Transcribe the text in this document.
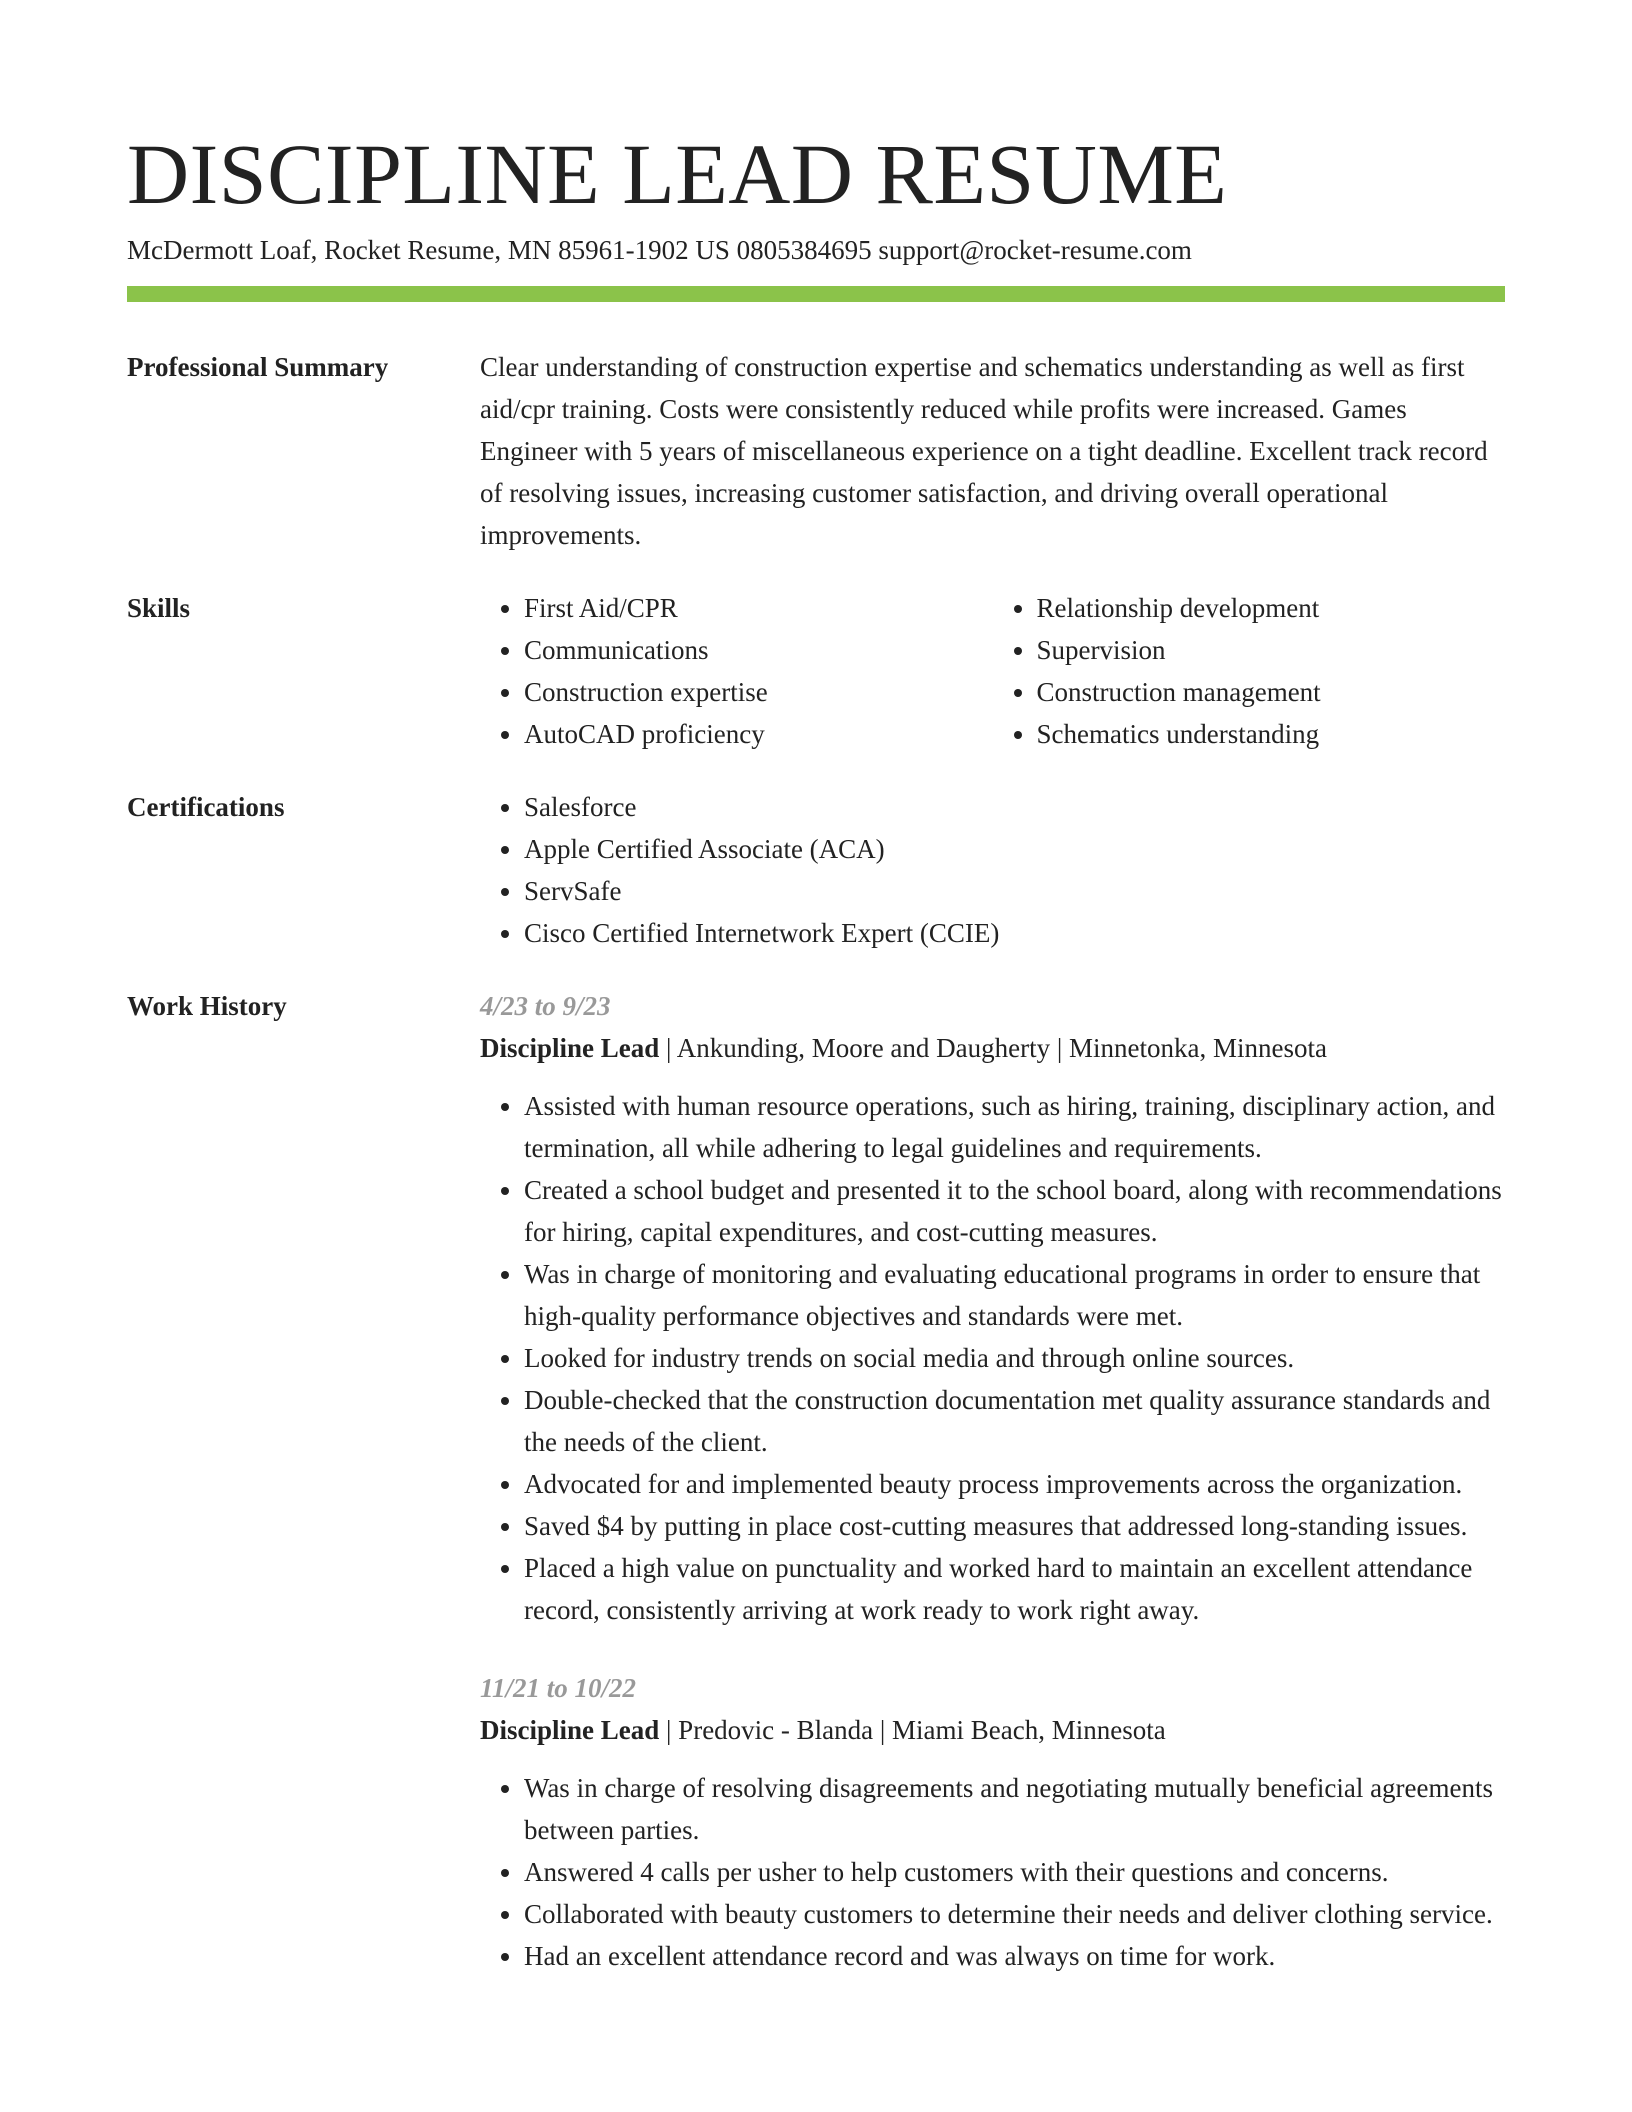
DISCIPLINE LEAD RESUME
McDermott Loaf, Rocket Resume, MN 85961-1902 US 0805384695 support@rocket-resume.com
Professional Summary	Clear understanding of construction expertise and schematics understanding as well as first aid/cpr training. Costs were consistently reduced while profits were increased. Games Engineer with 5 years of miscellaneous experience on a tight deadline. Excellent track record of resolving issues, increasing customer satisfaction, and driving overall operational improvements.

Skills	• First Aid/CPR
• Communications
• Construction expertise
• AutoCAD proficiency
• Relationship development
• Supervision
• Construction management
• Schematics understanding
Certifications	• Salesforce
• Apple Certified Associate (ACA)
• ServSafe
• Cisco Certified Internetwork Expert (CCIE)
Work History	4/23 to 9/23
Discipline Lead | Ankunding, Moore and Daugherty | Minnetonka, Minnesota
• Assisted with human resource operations, such as hiring, training, disciplinary action, and termination, all while adhering to legal guidelines and requirements.
• Created a school budget and presented it to the school board, along with recommendations for hiring, capital expenditures, and cost-cutting measures.
• Was in charge of monitoring and evaluating educational programs in order to ensure that high-quality performance objectives and standards were met.
• Looked for industry trends on social media and through online sources.
• Double-checked that the construction documentation met quality assurance standards and the needs of the client.
• Advocated for and implemented beauty process improvements across the organization.
• Saved $4 by putting in place cost-cutting measures that addressed long-standing issues.
• Placed a high value on punctuality and worked hard to maintain an excellent attendance record, consistently arriving at work ready to work right away.
11/21 to 10/22
Discipline Lead | Predovic - Blanda | Miami Beach, Minnesota
• Was in charge of resolving disagreements and negotiating mutually beneficial agreements between parties.
• Answered 4 calls per usher to help customers with their questions and concerns.
• Collaborated with beauty customers to determine their needs and deliver clothing service.
• Had an excellent attendance record and was always on time for work.
